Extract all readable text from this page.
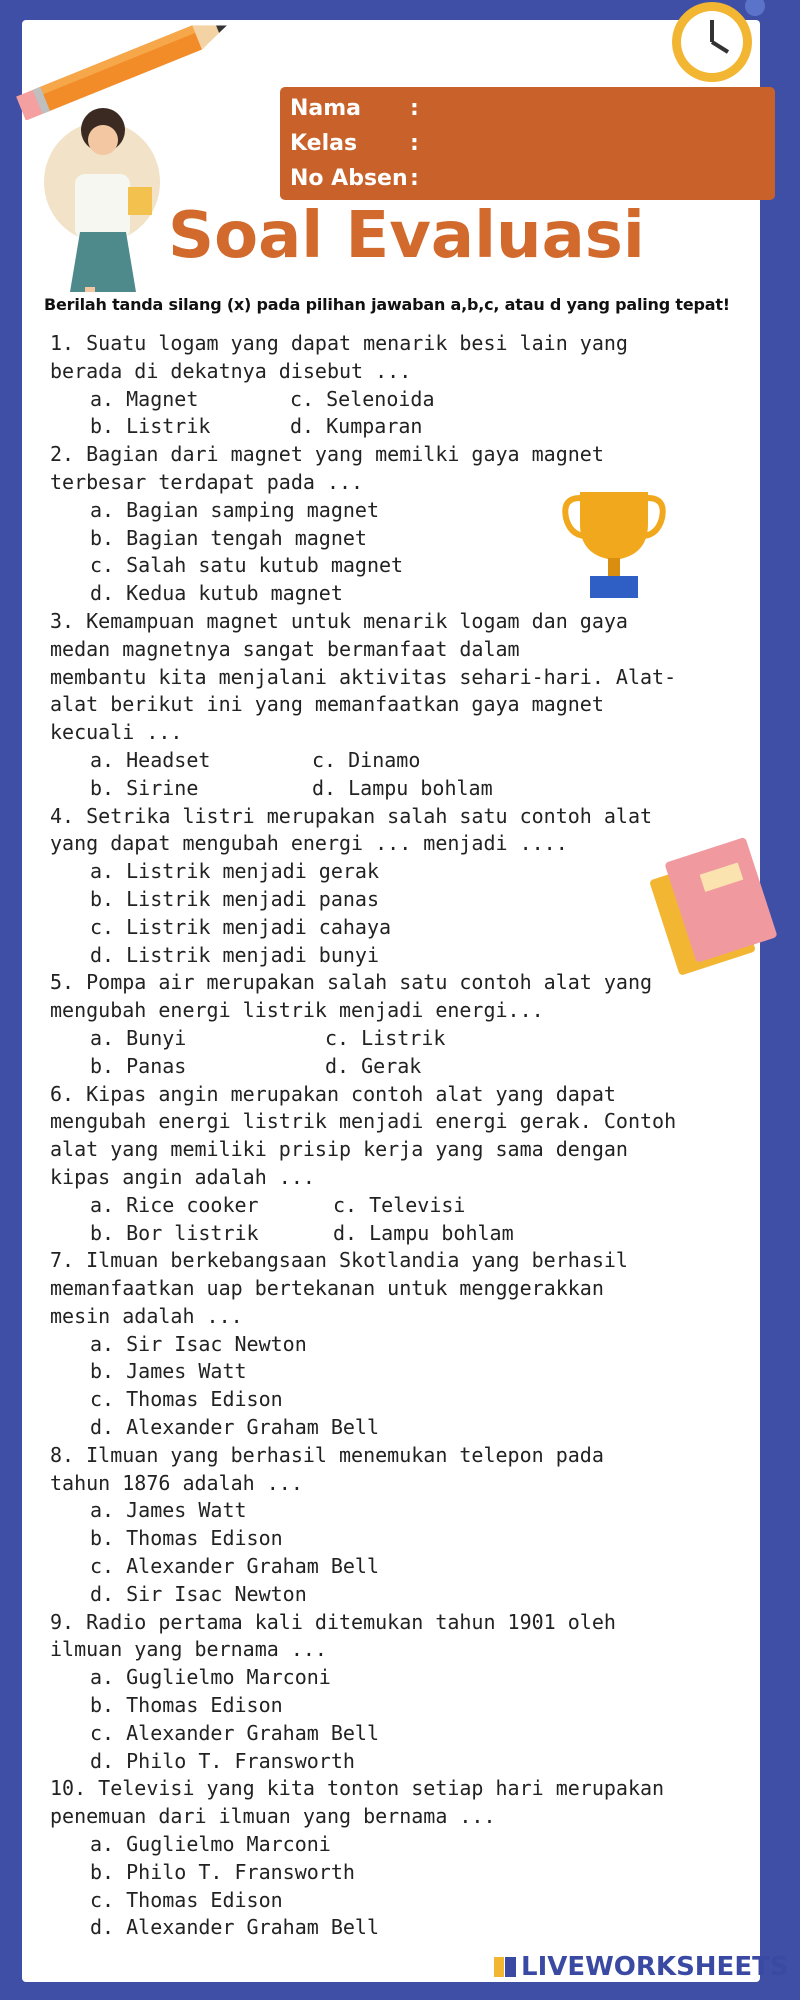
Nama :
Kelas :
No Absen :
Soal Evaluasi
Berilah tanda silang (x) pada pilihan jawaban a,b,c, atau d yang paling tepat!
1. Suatu logam yang dapat menarik besi lain yang
berada di dekatnya disebut ...
a. Magnet	c. Selenoida
b. Listrik	d. Kumparan
2. Bagian dari magnet yang memilki gaya magnet
terbesar terdapat pada ...
a. Bagian samping magnet
b. Bagian tengah magnet
c. Salah satu kutub magnet
d. Kedua kutub magnet
3. Kemampuan magnet untuk menarik logam dan gaya
medan magnetnya sangat bermanfaat dalam
membantu kita menjalani aktivitas sehari-hari. Alat-
alat berikut ini yang memanfaatkan gaya magnet
kecuali ...
a. Headset	c. Dinamo
b. Sirine	d. Lampu bohlam
4. Setrika listri merupakan salah satu contoh alat
yang dapat mengubah energi ... menjadi ....
a. Listrik menjadi gerak
b. Listrik menjadi panas
c. Listrik menjadi cahaya
d. Listrik menjadi bunyi
5. Pompa air merupakan salah satu contoh alat yang
mengubah energi listrik menjadi energi...
a. Bunyi	c. Listrik
b. Panas	d. Gerak
6. Kipas angin merupakan contoh alat yang dapat
mengubah energi listrik menjadi energi gerak. Contoh
alat yang memiliki prisip kerja yang sama dengan
kipas angin adalah ...
a. Rice cooker	c. Televisi
b. Bor listrik	d. Lampu bohlam
7. Ilmuan berkebangsaan Skotlandia yang berhasil
memanfaatkan uap bertekanan untuk menggerakkan
mesin adalah ...
a. Sir Isac Newton
b. James Watt
c. Thomas Edison
d. Alexander Graham Bell
8. Ilmuan yang berhasil menemukan telepon pada
tahun 1876 adalah ...
a. James Watt
b. Thomas Edison
c. Alexander Graham Bell
d. Sir Isac Newton
9. Radio pertama kali ditemukan tahun 1901 oleh
ilmuan yang bernama ...
a. Guglielmo Marconi
b. Thomas Edison
c. Alexander Graham Bell
d. Philo T. Fransworth
10. Televisi yang kita tonton setiap hari merupakan
penemuan dari ilmuan yang bernama ...
a. Guglielmo Marconi
b. Philo T. Fransworth
c. Thomas Edison
d. Alexander Graham Bell
LIVEWORKSHEETS
